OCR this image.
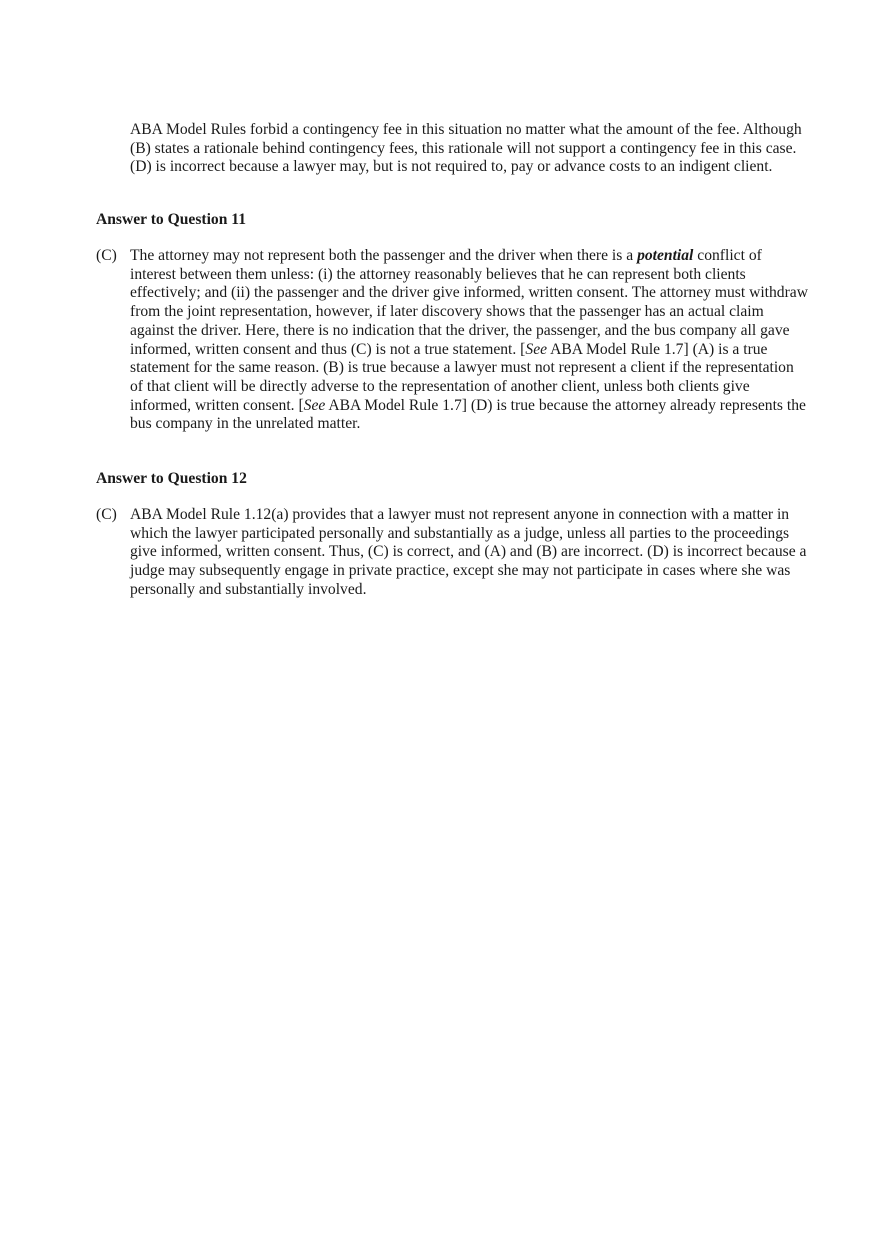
ABA Model Rules forbid a contingency fee in this situation no matter what the amount of the fee. Although (B) states a rationale behind contingency fees, this rationale will not support a contingency fee in this case. (D) is incorrect because a lawyer may, but is not required to, pay or advance costs to an indigent client.

Answer to Question 11
(C) The attorney may not represent both the passenger and the driver when there is a potential conflict of interest between them unless: (i) the attorney reasonably believes that he can represent both clients effectively; and (ii) the passenger and the driver give informed, written consent. The attorney must withdraw from the joint representation, however, if later discovery shows that the passenger has an actual claim against the driver. Here, there is no indication that the driver, the passenger, and the bus company all gave informed, written consent and thus (C) is not a true statement. [See ABA Model Rule 1.7] (A) is a true statement for the same reason. (B) is true because a lawyer must not represent a client if the representation of that client will be directly adverse to the representation of another client, unless both clients give informed, written consent. [See ABA Model Rule 1.7] (D) is true because the attorney already represents the bus company in the unrelated matter.

Answer to Question 12
(C) ABA Model Rule 1.12(a) provides that a lawyer must not represent anyone in connection with a matter in which the lawyer participated personally and substantially as a judge, unless all parties to the proceedings give informed, written consent. Thus, (C) is correct, and (A) and (B) are incorrect. (D) is incorrect because a judge may subsequently engage in private practice, except she may not participate in cases where she was personally and substantially involved.
